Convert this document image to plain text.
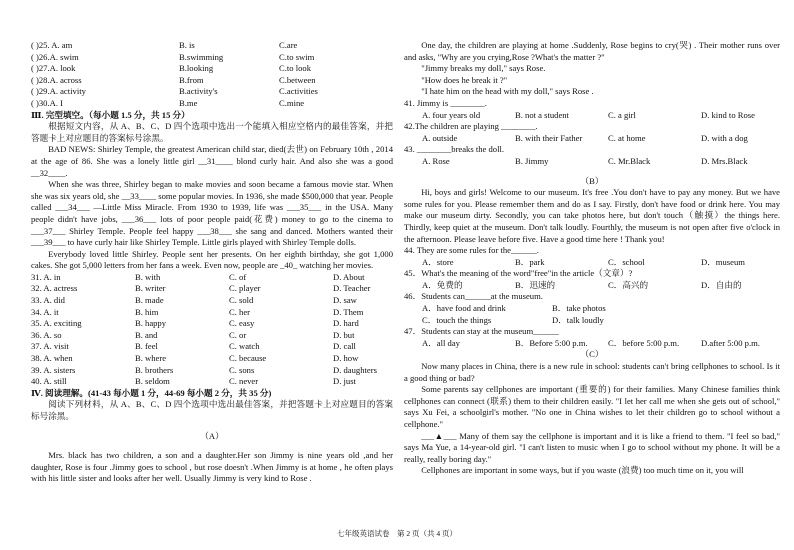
( )25. A. am	B. is	C.are
( )26.A. swim	B.swimming	C.to swim
( )27.A. look	B.looking	C.to look
( )28.A. across	B.from	C.between
( )29.A. activity	B.activity's	C.activities
( )30.A. I	B.me	C.mine
Ⅲ. 完型填空。（每小题 1.5 分，共 15 分）
根据短文内容，从 A、B、C、D 四个选项中选出一个能填入相应空格内的最佳答案，并把答题卡上对应题目的答案标号涂黑。
BAD NEWS: Shirley Temple, the greatest American child star, died(去世) on February 10th , 2014 at the age of 86. She was a lonely little girl __31____ blond curly hair. And also she was a good __32____.
When she was three, Shirley began to make movies and soon became a famous movie star. When she was six years old, she __33____ some popular movies. In 1936, she made $500,000 that year. People called ___34___ —Little Miss Miracle. From 1930 to 1939, life was ___35___ in the USA. Many people didn't have jobs, ___36___ lots of poor people paid(花费) money to go to the cinema to ___37___ Shirley Temple. People feel happy ___38___ she sang and danced. Mothers wanted their ___39___ to have curly hair like Shirley Temple. Little girls played with Shirley Temple dolls.
Everybody loved little Shirley. People sent her presents. On her eighth birthday, she got 1,000 cakes. She got 5,000 letters from her fans a week. Even now, people are _40_ watching her movies.
31. A. in	B. with	C. of	D. About
32. A. actress	B. writer	C. player	D. Teacher
33. A. did	B. made	C. sold	D. saw
34. A. it	B. him	C. her	D. Them
35. A. exciting	B. happy	C. easy	D. hard
36. A. so	B. and	C. or	D. but
37. A. visit	B. feel	C. watch	D. call
38. A. when	B. where	C. because	D. how
39. A. sisters	B. brothers	C. sons	D. daughters
40. A. still	B. seldom	C. never	D. just
Ⅳ. 阅读理解。(41-43 每小题 1 分，44-69 每小题 2 分，共 35 分)
阅读下列材料，从 A、B、C、D 四个选项中选出最佳答案，并把答题卡上对应题目的答案标号涂黑。
（A）
Mrs. black has two children, a son and a daughter.Her son Jimmy is nine years old ,and her daughter, Rose is four .Jimmy goes to school , but rose doesn't .When Jimmy is at home , he often plays with his little sister and looks after her well. Usually Jimmy is very kind to Rose .
One day, the children are playing at home .Suddenly, Rose begins to cry(哭) . Their mother runs over and asks, "Why are you crying,Rose ?What's the matter ?"
"Jimmy breaks my doll," says Rose.
"How does he break it ?"
"I hate him on the head with my doll," says Rose .
41. Jimmy is ________.
A. four years old	B. not a student	C. a girl	D. kind to Rose
42.The children are playing ________.
A. outside	B. with their Father	C. at home	D. with a dog
43. ________breaks the doll.
A. Rose	B. Jimmy	C. Mr.Black	D. Mrs.Black
（B）
Hi, boys and girls! Welcome to our museum. It's free .You don't have to pay any money. But we have some rules for you. Please remember them and do as I say. Firstly, don't have food or drink here. You may make our museum dirty. Secondly, you can take photos here, but don't touch（触摸）the things here. Thirdly, keep quiet at the museum. Don't talk loudly. Fourthly, the museum is not open after five o'clock in the afternoon. Please leave before five. Have a good time here ! Thank you!
44. They are some rules for the______.
A．store	B．park	C．school	D．museum
45．What's the meaning of the word"free"in the article（文章）?
A．免费的	B．迅速的	C．高兴的	D．自由的
46．Students can______at the museum.
A．have food and drink	B．take photos
C．touch the things	D．talk loudly
47．Students can stay at the museum______
A．all day	B．Before 5:00 p.m.	C．before 5:00 p.m.	D.after 5:00 p.m.
（C）
Now many places in China, there is a new rule in school: students can't bring cellphones to school. Is it a good thing or bad?
Some parents say cellphones are important (重要的) for their families. Many Chinese families think cellphones can connect (联系) them to their children easily. "I let her call me when she gets out of school," says Xu Fei, a schoolgirl's mother. "No one in China wishes to let their children go to school without a cellphone."
___▲___ Many of them say the cellphone is important and it is like a friend to them. "I feel so bad," says Ma Yue, a 14-year-old girl. "I can't listen to music when I go to school without my phone. It will be a really, really boring day."
Cellphones are important in some ways, but if you waste (浪费) too much time on it, you will
七年级英语试卷　第 2 页（共 4 页）
